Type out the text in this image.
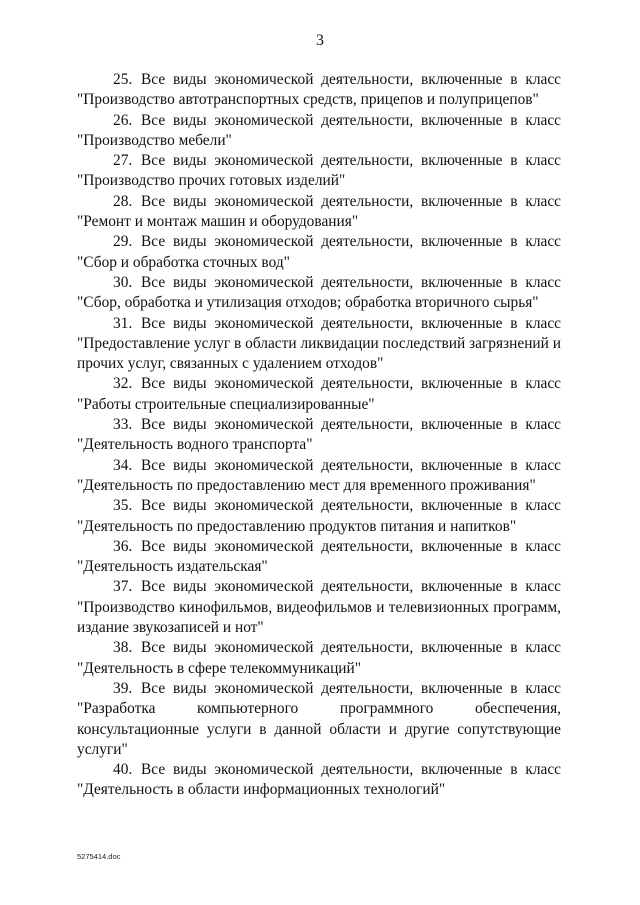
3
25. Все виды экономической деятельности, включенные в класс
"Производство автотранспортных средств, прицепов и полуприцепов"
26. Все виды экономической деятельности, включенные в класс
"Производство мебели"
27. Все виды экономической деятельности, включенные в класс
"Производство прочих готовых изделий"
28. Все виды экономической деятельности, включенные в класс
"Ремонт и монтаж машин и оборудования"
29. Все виды экономической деятельности, включенные в класс
"Сбор и обработка сточных вод"
30. Все виды экономической деятельности, включенные в класс
"Сбор, обработка и утилизация отходов; обработка вторичного сырья"
31. Все виды экономической деятельности, включенные в класс
"Предоставление услуг в области ликвидации последствий загрязнений и прочих услуг, связанных с удалением отходов"
32. Все виды экономической деятельности, включенные в класс
"Работы строительные специализированные"
33. Все виды экономической деятельности, включенные в класс
"Деятельность водного транспорта"
34. Все виды экономической деятельности, включенные в класс
"Деятельность по предоставлению мест для временного проживания"
35. Все виды экономической деятельности, включенные в класс
"Деятельность по предоставлению продуктов питания и напитков"
36. Все виды экономической деятельности, включенные в класс
"Деятельность издательская"
37. Все виды экономической деятельности, включенные в класс
"Производство кинофильмов, видеофильмов и телевизионных программ, издание звукозаписей и нот"
38. Все виды экономической деятельности, включенные в класс
"Деятельность в сфере телекоммуникаций"
39. Все виды экономической деятельности, включенные в класс
"Разработка компьютерного программного обеспечения, консультационные услуги в данной области и другие сопутствующие услуги"
40. Все виды экономической деятельности, включенные в класс
"Деятельность в области информационных технологий"
5275414.doc
